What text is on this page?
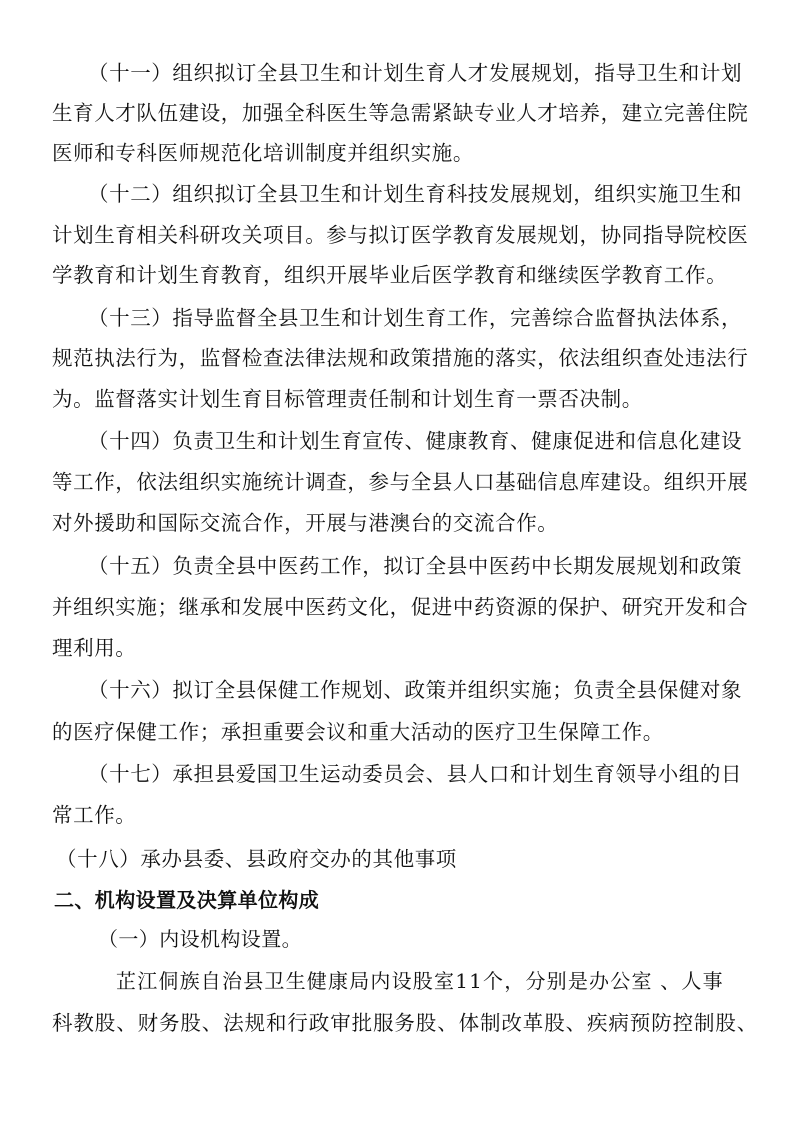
（十一）组织拟订全县卫生和计划生育人才发展规划，指导卫生和计划
生育人才队伍建设，加强全科医生等急需紧缺专业人才培养，建立完善住院
医师和专科医师规范化培训制度并组织实施。
（十二）组织拟订全县卫生和计划生育科技发展规划，组织实施卫生和
计划生育相关科研攻关项目。参与拟订医学教育发展规划，协同指导院校医
学教育和计划生育教育，组织开展毕业后医学教育和继续医学教育工作。
（十三）指导监督全县卫生和计划生育工作，完善综合监督执法体系，
规范执法行为，监督检查法律法规和政策措施的落实，依法组织查处违法行
为。监督落实计划生育目标管理责任制和计划生育一票否决制。
（十四）负责卫生和计划生育宣传、健康教育、健康促进和信息化建设
等工作，依法组织实施统计调查，参与全县人口基础信息库建设。组织开展
对外援助和国际交流合作，开展与港澳台的交流合作。
（十五）负责全县中医药工作，拟订全县中医药中长期发展规划和政策
并组织实施；继承和发展中医药文化，促进中药资源的保护、研究开发和合
理利用。
（十六）拟订全县保健工作规划、政策并组织实施；负责全县保健对象
的医疗保健工作；承担重要会议和重大活动的医疗卫生保障工作。
（十七）承担县爱国卫生运动委员会、县人口和计划生育领导小组的日
常工作。
（十八）承办县委、县政府交办的其他事项
二、机构设置及决算单位构成
（一）内设机构设置。
芷江侗族自治县卫生健康局内设股室11个，分别是办公室 、人事
科教股、财务股、法规和行政审批服务股、体制改革股、疾病预防控制股、
